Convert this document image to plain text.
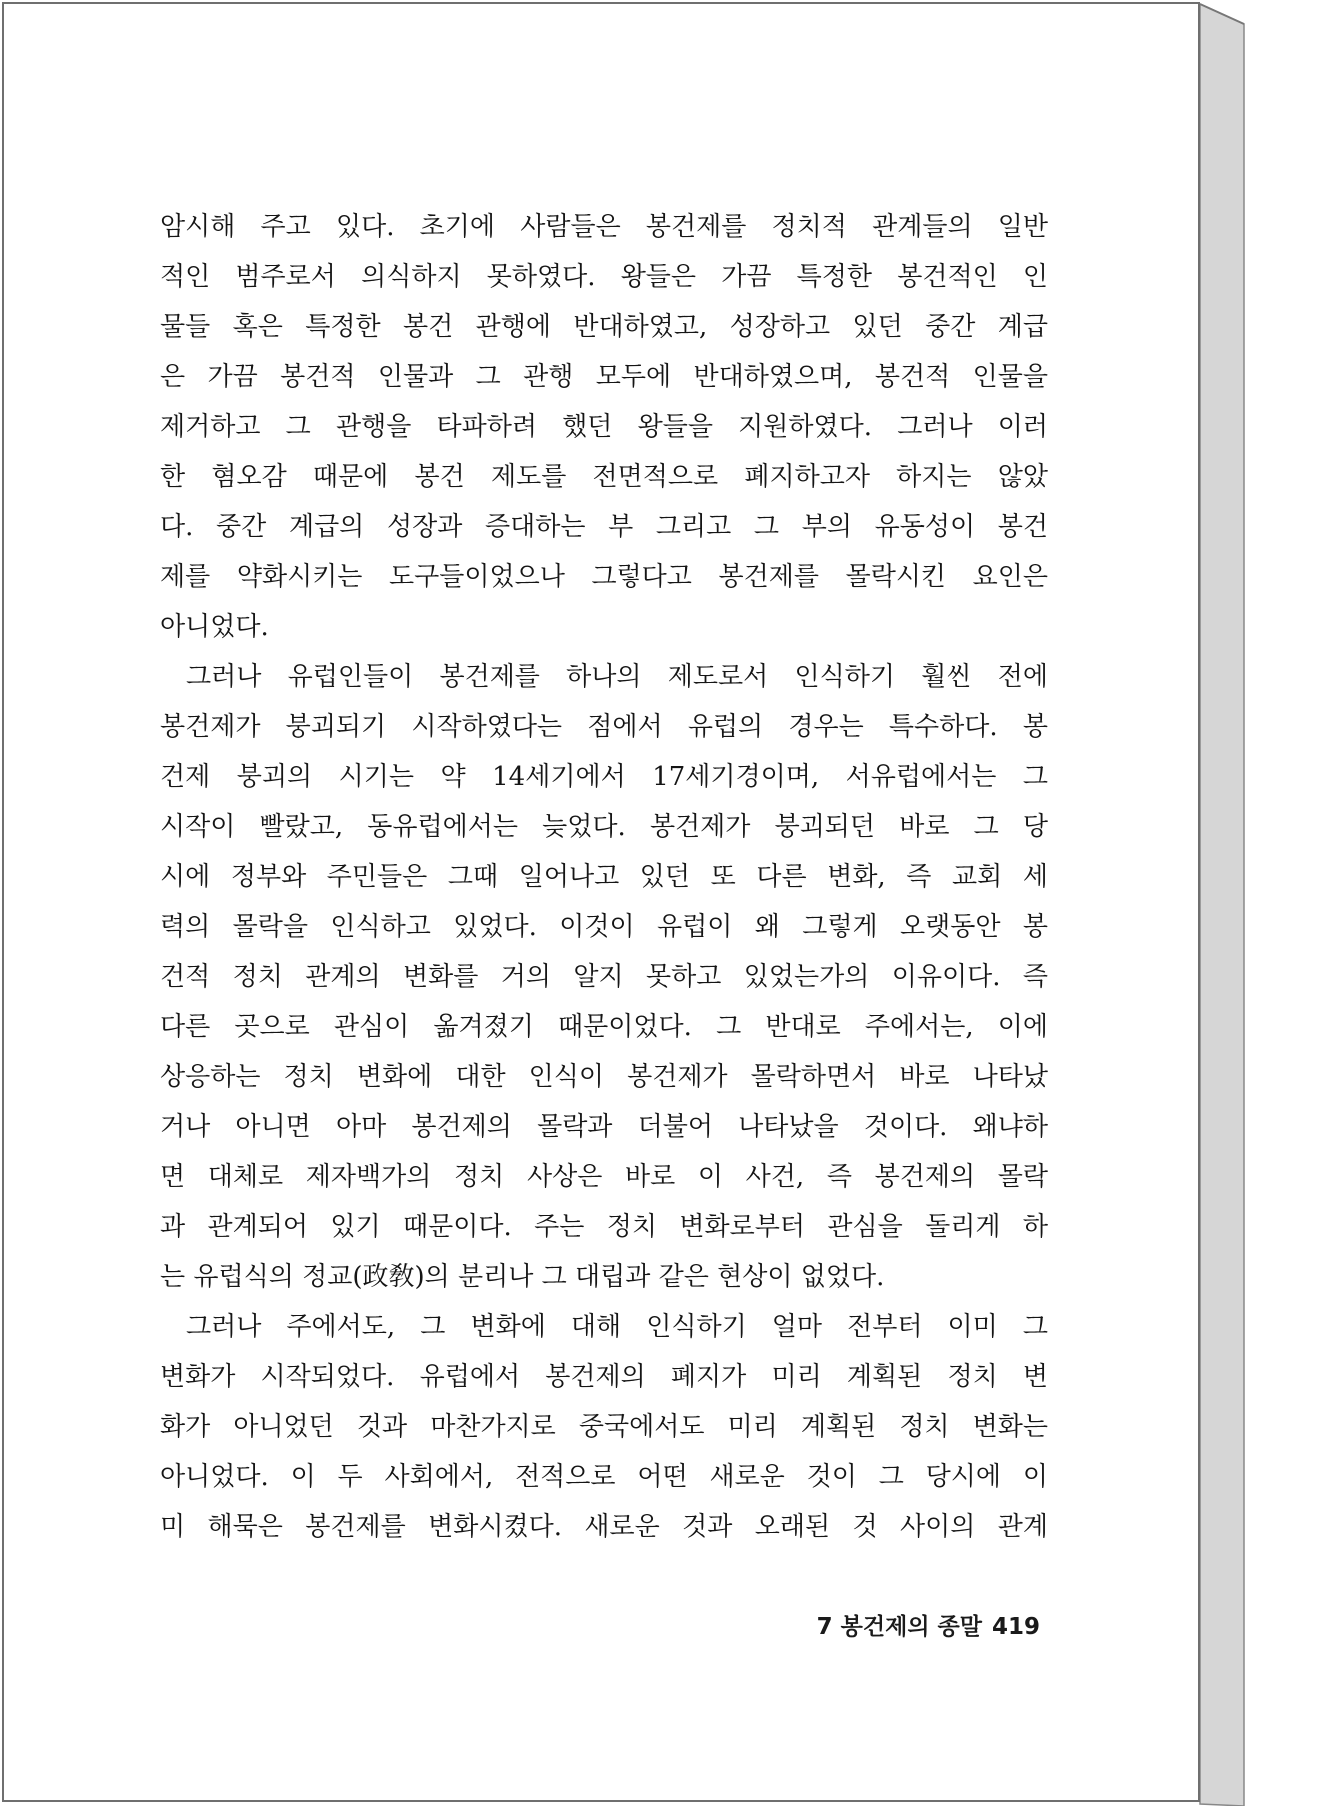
암시해 주고 있다. 초기에 사람들은 봉건제를 정치적 관계들의 일반
적인 범주로서 의식하지 못하였다. 왕들은 가끔 특정한 봉건적인 인
물들 혹은 특정한 봉건 관행에 반대하였고, 성장하고 있던 중간 계급
은 가끔 봉건적 인물과 그 관행 모두에 반대하였으며, 봉건적 인물을
제거하고 그 관행을 타파하려 했던 왕들을 지원하였다. 그러나 이러
한 혐오감 때문에 봉건 제도를 전면적으로 폐지하고자 하지는 않았
다. 중간 계급의 성장과 증대하는 부 그리고 그 부의 유동성이 봉건
제를 약화시키는 도구들이었으나 그렇다고 봉건제를 몰락시킨 요인은
아니었다.
그러나 유럽인들이 봉건제를 하나의 제도로서 인식하기 훨씬 전에
봉건제가 붕괴되기 시작하였다는 점에서 유럽의 경우는 특수하다. 봉
건제 붕괴의 시기는 약 14세기에서 17세기경이며, 서유럽에서는 그
시작이 빨랐고, 동유럽에서는 늦었다. 봉건제가 붕괴되던 바로 그 당
시에 정부와 주민들은 그때 일어나고 있던 또 다른 변화, 즉 교회 세
력의 몰락을 인식하고 있었다. 이것이 유럽이 왜 그렇게 오랫동안 봉
건적 정치 관계의 변화를 거의 알지 못하고 있었는가의 이유이다. 즉
다른 곳으로 관심이 옮겨졌기 때문이었다. 그 반대로 주에서는, 이에
상응하는 정치 변화에 대한 인식이 봉건제가 몰락하면서 바로 나타났
거나 아니면 아마 봉건제의 몰락과 더불어 나타났을 것이다. 왜냐하
면 대체로 제자백가의 정치 사상은 바로 이 사건, 즉 봉건제의 몰락
과 관계되어 있기 때문이다. 주는 정치 변화로부터 관심을 돌리게 하
는 유럽식의 정교(政敎)의 분리나 그 대립과 같은 현상이 없었다.
그러나 주에서도, 그 변화에 대해 인식하기 얼마 전부터 이미 그
변화가 시작되었다. 유럽에서 봉건제의 폐지가 미리 계획된 정치 변
화가 아니었던 것과 마찬가지로 중국에서도 미리 계획된 정치 변화는
아니었다. 이 두 사회에서, 전적으로 어떤 새로운 것이 그 당시에 이
미 해묵은 봉건제를 변화시켰다. 새로운 것과 오래된 것 사이의 관계
7 봉건제의 종말 419
